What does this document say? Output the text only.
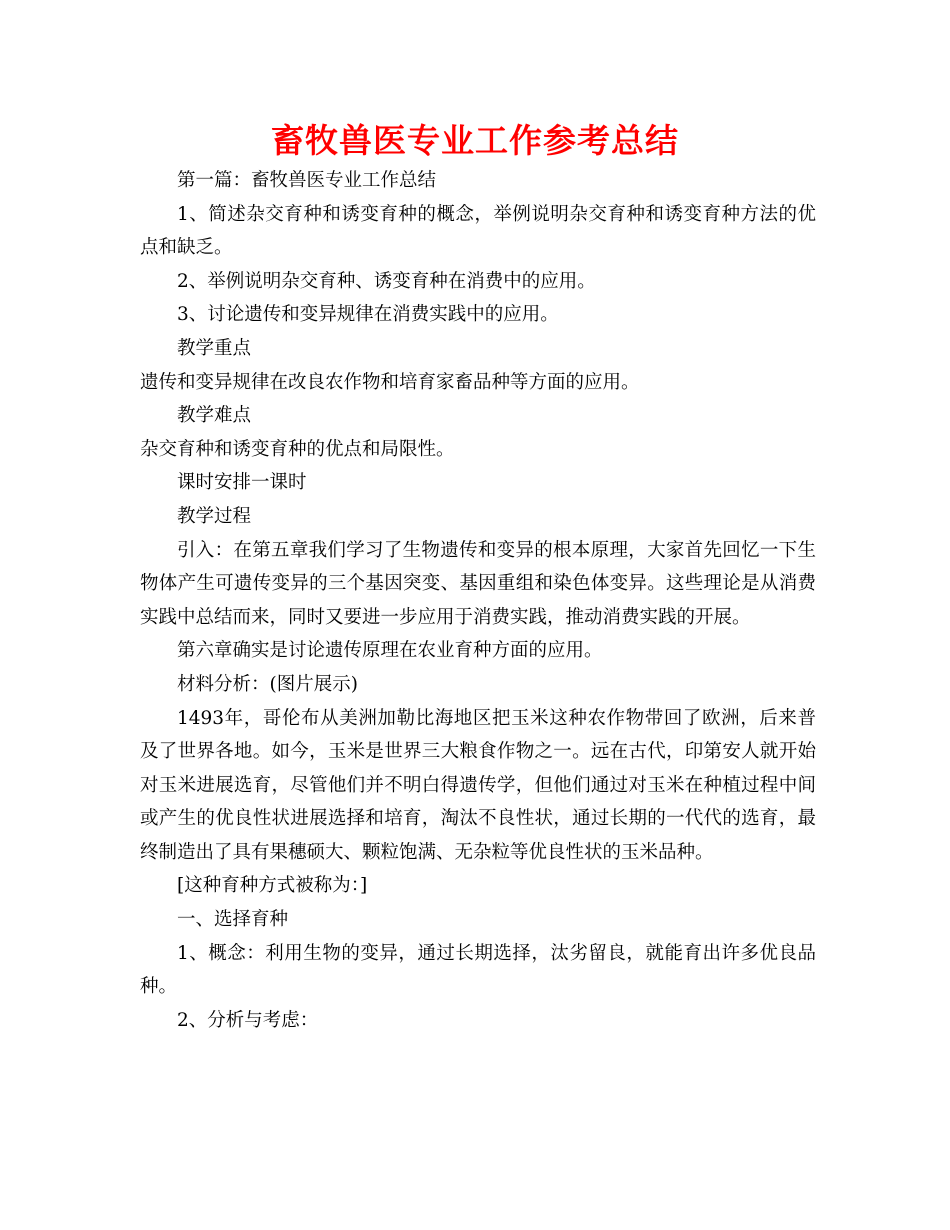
畜牧兽医专业工作参考总结

第一篇：畜牧兽医专业工作总结

1、简述杂交育种和诱变育种的概念，举例说明杂交育种和诱变育种方法的优点和缺乏。

2、举例说明杂交育种、诱变育种在消费中的应用。

3、讨论遗传和变异规律在消费实践中的应用。

教学重点

遗传和变异规律在改良农作物和培育家畜品种等方面的应用。

教学难点

杂交育种和诱变育种的优点和局限性。

课时安排一课时

教学过程

引入：在第五章我们学习了生物遗传和变异的根本原理，大家首先回忆一下生物体产生可遗传变异的三个基因突变、基因重组和染色体变异。这些理论是从消费实践中总结而来，同时又要进一步应用于消费实践，推动消费实践的开展。

第六章确实是讨论遗传原理在农业育种方面的应用。

材料分析：(图片展示)

1493年，哥伦布从美洲加勒比海地区把玉米这种农作物带回了欧洲，后来普及了世界各地。如今，玉米是世界三大粮食作物之一。远在古代，印第安人就开始对玉米进展选育，尽管他们并不明白得遗传学，但他们通过对玉米在种植过程中间或产生的优良性状进展选择和培育，淘汰不良性状，通过长期的一代代的选育，最终制造出了具有果穗硕大、颗粒饱满、无杂粒等优良性状的玉米品种。

[这种育种方式被称为：]

一、选择育种

1、概念：利用生物的变异，通过长期选择，汰劣留良，就能育出许多优良品种。

2、分析与考虑：
